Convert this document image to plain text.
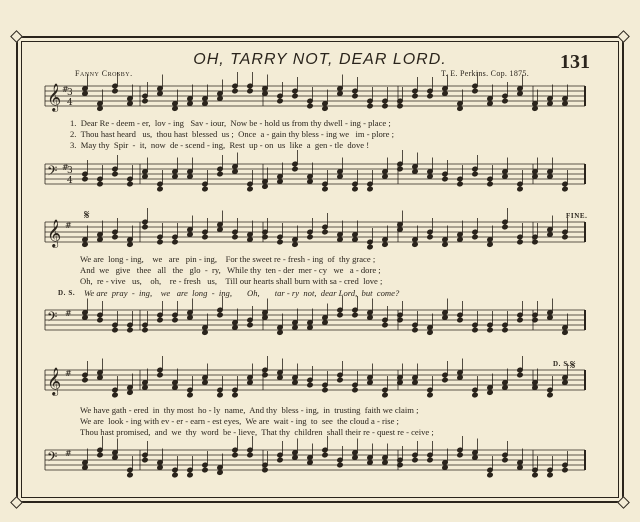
OH, TARRY NOT, DEAR LORD.	131
Fanny Crosby.	T. E. Perkins. Cop. 1875.
𝄞 3
4
#
𝄢 3
4
#
𝄞 #
𝄢 #
𝄞 #
𝄢 #
𝄋
𝄋
1.  Dear Re - deem - er,  lov - ing   Sav - iour,  Now be - hold us from thy dwell - ing - place ;
2.  Thou hast heard   us,  thou hast  blessed  us ;  Once  a - gain thy bless - ing we   im - plore ;
3.  May thy  Spir  -  it,  now  de - scend - ing,  Rest  up - on  us  like  a  gen - tle  dove !
FINE.
We are  long - ing,    we   are   pin - ing,    For the sweet re - fresh - ing  of  thy grace ;
And  we   give   thee   all   the   glo  -  ry,   While thy  ten - der  mer - cy   we   a - dore ;
Oh,  re - vive   us,    oh,    re - fresh   us,    Till our hearts shall burn with sa - cred  love ;
D. S. We are  pray  -  ing,    we   are  long  -  ing,       Oh,       tar - ry  not,  dear Lord,  but  come?
D. S.
We have gath - ered  in  thy most  ho - ly  name,  And thy  bless - ing,  in  trusting  faith we claim ;
We are  look - ing with ev - er - earn - est eyes,  We are  wait - ing  to  see  the cloud a - rise ;
Thou hast promised,  and  we  thy  word  be - lieve,  That thy  children  shall their re - quest re - ceive ;
